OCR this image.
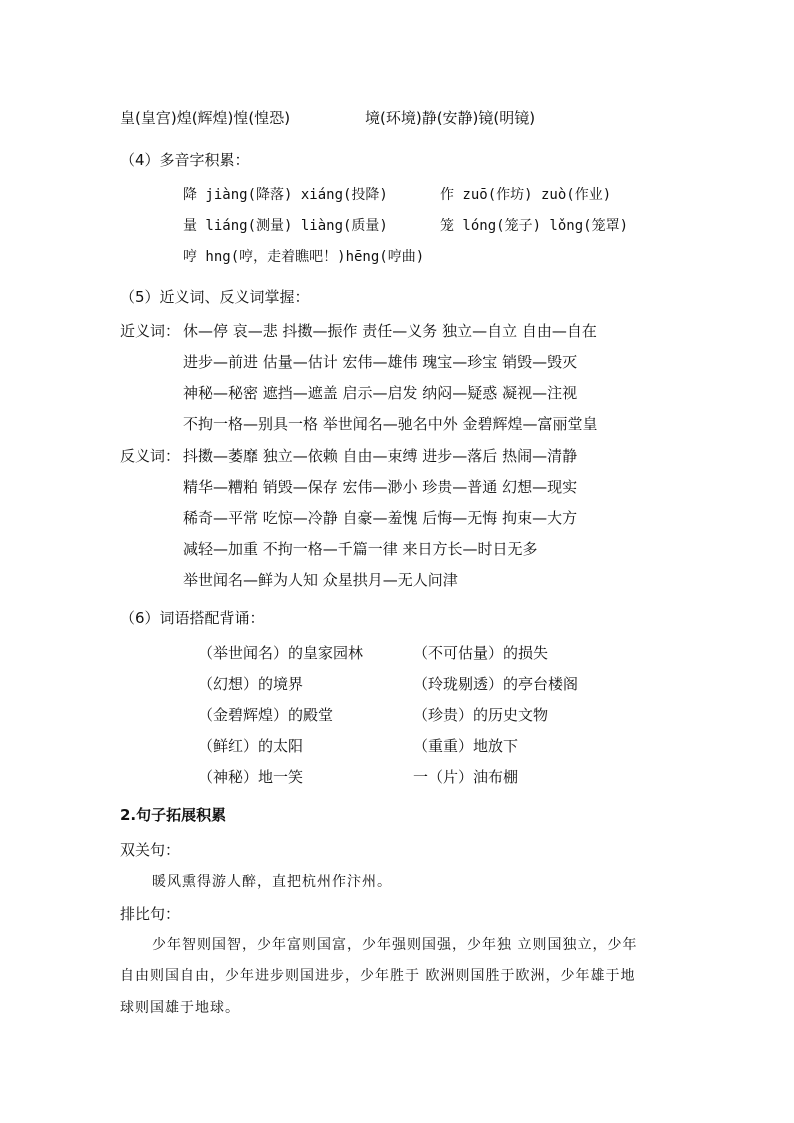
皇(皇宫)煌(辉煌)惶(惶恐)	境(环境)静(安静)镜(明镜)
（4）多音字积累：
降 jiàng(降落) xiáng(投降)	作 zuō(作坊) zuò(作业)
量 liáng(测量) liàng(质量)	笼 lóng(笼子) lǒng(笼罩)
哼 hng(哼，走着瞧吧！)hēng(哼曲)
（5）近义词、反义词掌握：
近义词： 休—停 哀—悲 抖擞—振作 责任—义务 独立—自立 自由—自在
进步—前进 估量—估计 宏伟—雄伟 瑰宝—珍宝 销毁—毁灭
神秘—秘密 遮挡—遮盖 启示—启发 纳闷—疑惑 凝视—注视
不拘一格—别具一格 举世闻名—驰名中外 金碧辉煌—富丽堂皇
反义词： 抖擞—萎靡 独立—依赖 自由—束缚 进步—落后 热闹—清静
精华—糟粕 销毁—保存 宏伟—渺小 珍贵—普通 幻想—现实
稀奇—平常 吃惊—冷静 自豪—羞愧 后悔—无悔 拘束—大方
减轻—加重 不拘一格—千篇一律 来日方长—时日无多
举世闻名—鲜为人知 众星拱月—无人问津
（6）词语搭配背诵：
（举世闻名）的皇家园林	（不可估量）的损失
（幻想）的境界	（玲珑剔透）的亭台楼阁
（金碧辉煌）的殿堂	（珍贵）的历史文物
（鲜红）的太阳	（重重）地放下
（神秘）地一笑	一（片）油布棚
2.句子拓展积累
双关句：
暖风熏得游人醉，直把杭州作汴州。
排比句：
少年智则国智，少年富则国富，少年强则国强，少年独 立则国独立，少年
自由则国自由，少年进步则国进步，少年胜于 欧洲则国胜于欧洲，少年雄于地
球则国雄于地球。
